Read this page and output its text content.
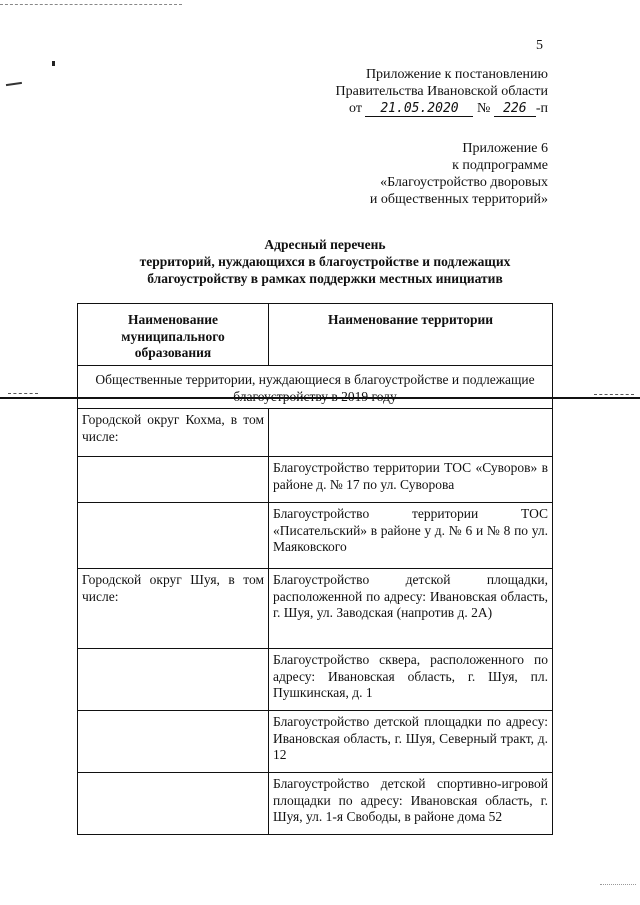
5
Приложение к постановлению
Правительства Ивановской области
от 21.05.2020 № 226 -п
Приложение 6
к подпрограмме
«Благоустройство дворовых
и общественных территорий»
Адресный перечень
территорий, нуждающихся в благоустройстве и подлежащих
благоустройству в рамках поддержки местных инициатив
Наименование муниципального образования	Наименование территории
Общественные территории, нуждающиеся в благоустройстве и подлежащие благоустройству в 2019 году	
Городской округ Кохма, в том числе:	
	Благоустройство территории ТОС «Суворов» в районе д. № 17 по ул. Суворова
	Благоустройство территории ТОС «Писательский» в районе у д. № 6 и № 8 по ул. Маяковского
Городской округ Шуя, в том числе:	Благоустройство детской площадки, расположенной по адресу: Ивановская область, г. Шуя, ул. Заводская (напротив д. 2А)
	Благоустройство сквера, расположенного по адресу: Ивановская область, г. Шуя, пл. Пушкинская, д. 1
	Благоустройство детской площадки по адресу: Ивановская область, г. Шуя, Северный тракт, д. 12
	Благоустройство детской спортивно-игровой площадки по адресу: Ивановская область, г. Шуя, ул. 1-я Свободы, в районе дома 52
